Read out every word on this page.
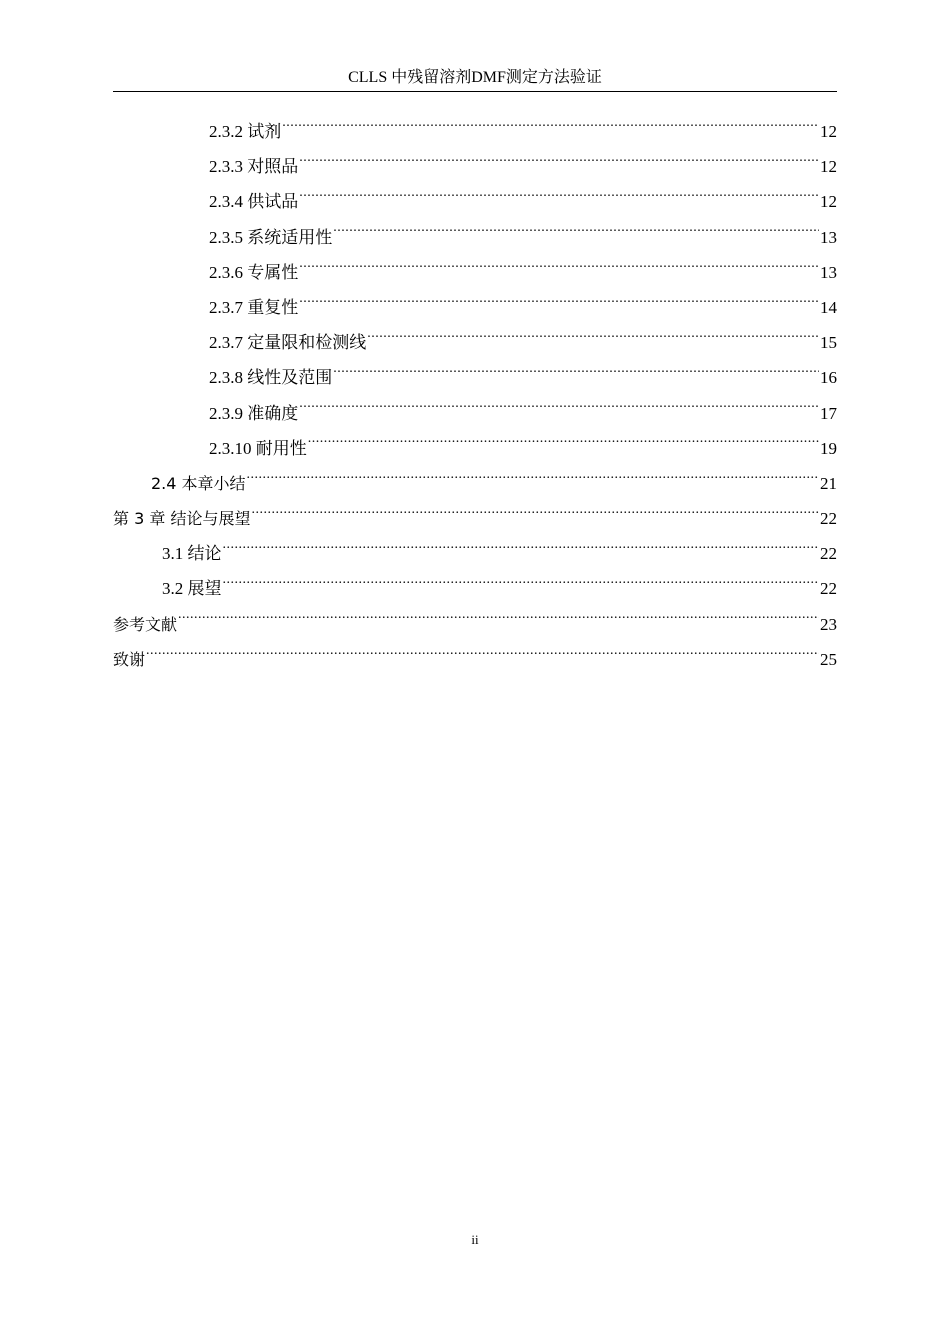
CLLS 中残留溶剂DMF测定方法验证
2.3.2 试剂 .....	12
2.3.3 对照品 .....	12
2.3.4 供试品 .....	12
2.3.5 系统适用性 .....	13
2.3.6 专属性 .....	13
2.3.7 重复性 .....	14
2.3.7 定量限和检测线 .....	15
2.3.8 线性及范围 .....	16
2.3.9 准确度 .....	17
2.3.10 耐用性 .....	19
2.4 本章小结 .....	21
第 3 章 结论与展望 .....	22
3.1 结论 .....	22
3.2 展望 .....	22
参考文献 .....	23
致谢 .....	25
ii
